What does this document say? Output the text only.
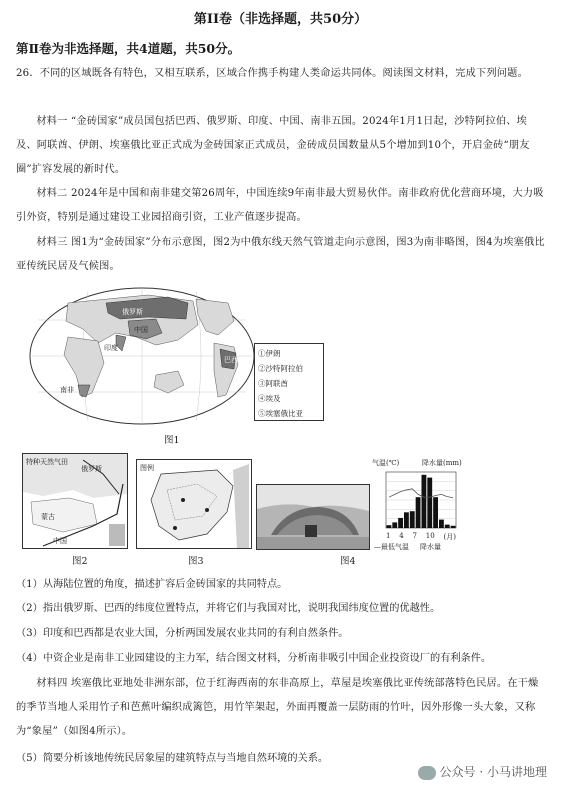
第II卷（非选择题，共50分）
第Ⅱ卷为非选择题，共4道题，共50分。
26．不同的区域既各有特色，又相互联系，区域合作携手构建人类命运共同体。阅读图文材料，完成下列问题。
材料一 “金砖国家”成员国包括巴西、俄罗斯、印度、中国、南非五国。2024年1月1日起，沙特阿拉伯、埃及、阿联酋、伊朗、埃塞俄比亚正式成为金砖国家正式成员，金砖成员国数量从5个增加到10个，开启金砖“朋友圈”扩容发展的新时代。
材料二 2024年是中国和南非建交第26周年，中国连续9年南非最大贸易伙伴。南非政府优化营商环境，大力吸引外资，特别是通过建设工业园招商引资，工业产值逐步提高。
材料三 图1为“金砖国家”分布示意图，图2为中俄东线天然气管道走向示意图，图3为南非略图，图4为埃塞俄比亚传统民居及气候图。
俄罗斯
中国
印度
巴西
南非
①伊朗
②沙特阿拉伯
③阿联酋
④埃及
⑤埃塞俄比亚
图1
特种天然气田
俄罗斯
蒙古
中国
图2
图例
图3
气温(℃)	降水量(mm)
1 4 7 10 (月)
—最低气温 降水量
图4
（1）从海陆位置的角度，描述扩容后金砖国家的共同特点。
（2）指出俄罗斯、巴西的纬度位置特点，并将它们与我国对比，说明我国纬度位置的优越性。
（3）印度和巴西都是农业大国，分析两国发展农业共同的有利自然条件。
（4）中资企业是南非工业园建设的主力军，结合图文材料，分析南非吸引中国企业投资设厂的有利条件。
材料四 埃塞俄比亚地处非洲东部，位于红海西南的东非高原上，草屋是埃塞俄比亚传统部落特色民居。在干燥的季节当地人采用竹子和芭蕉叶编织成篱笆，用竹竿架起，外面再覆盖一层防雨的竹叶，因外形像一头大象，又称为“象屋”（如图4所示）。
（5）简要分析该地传统民居象屋的建筑特点与当地自然环境的关系。
公众号 · 小马讲地理
